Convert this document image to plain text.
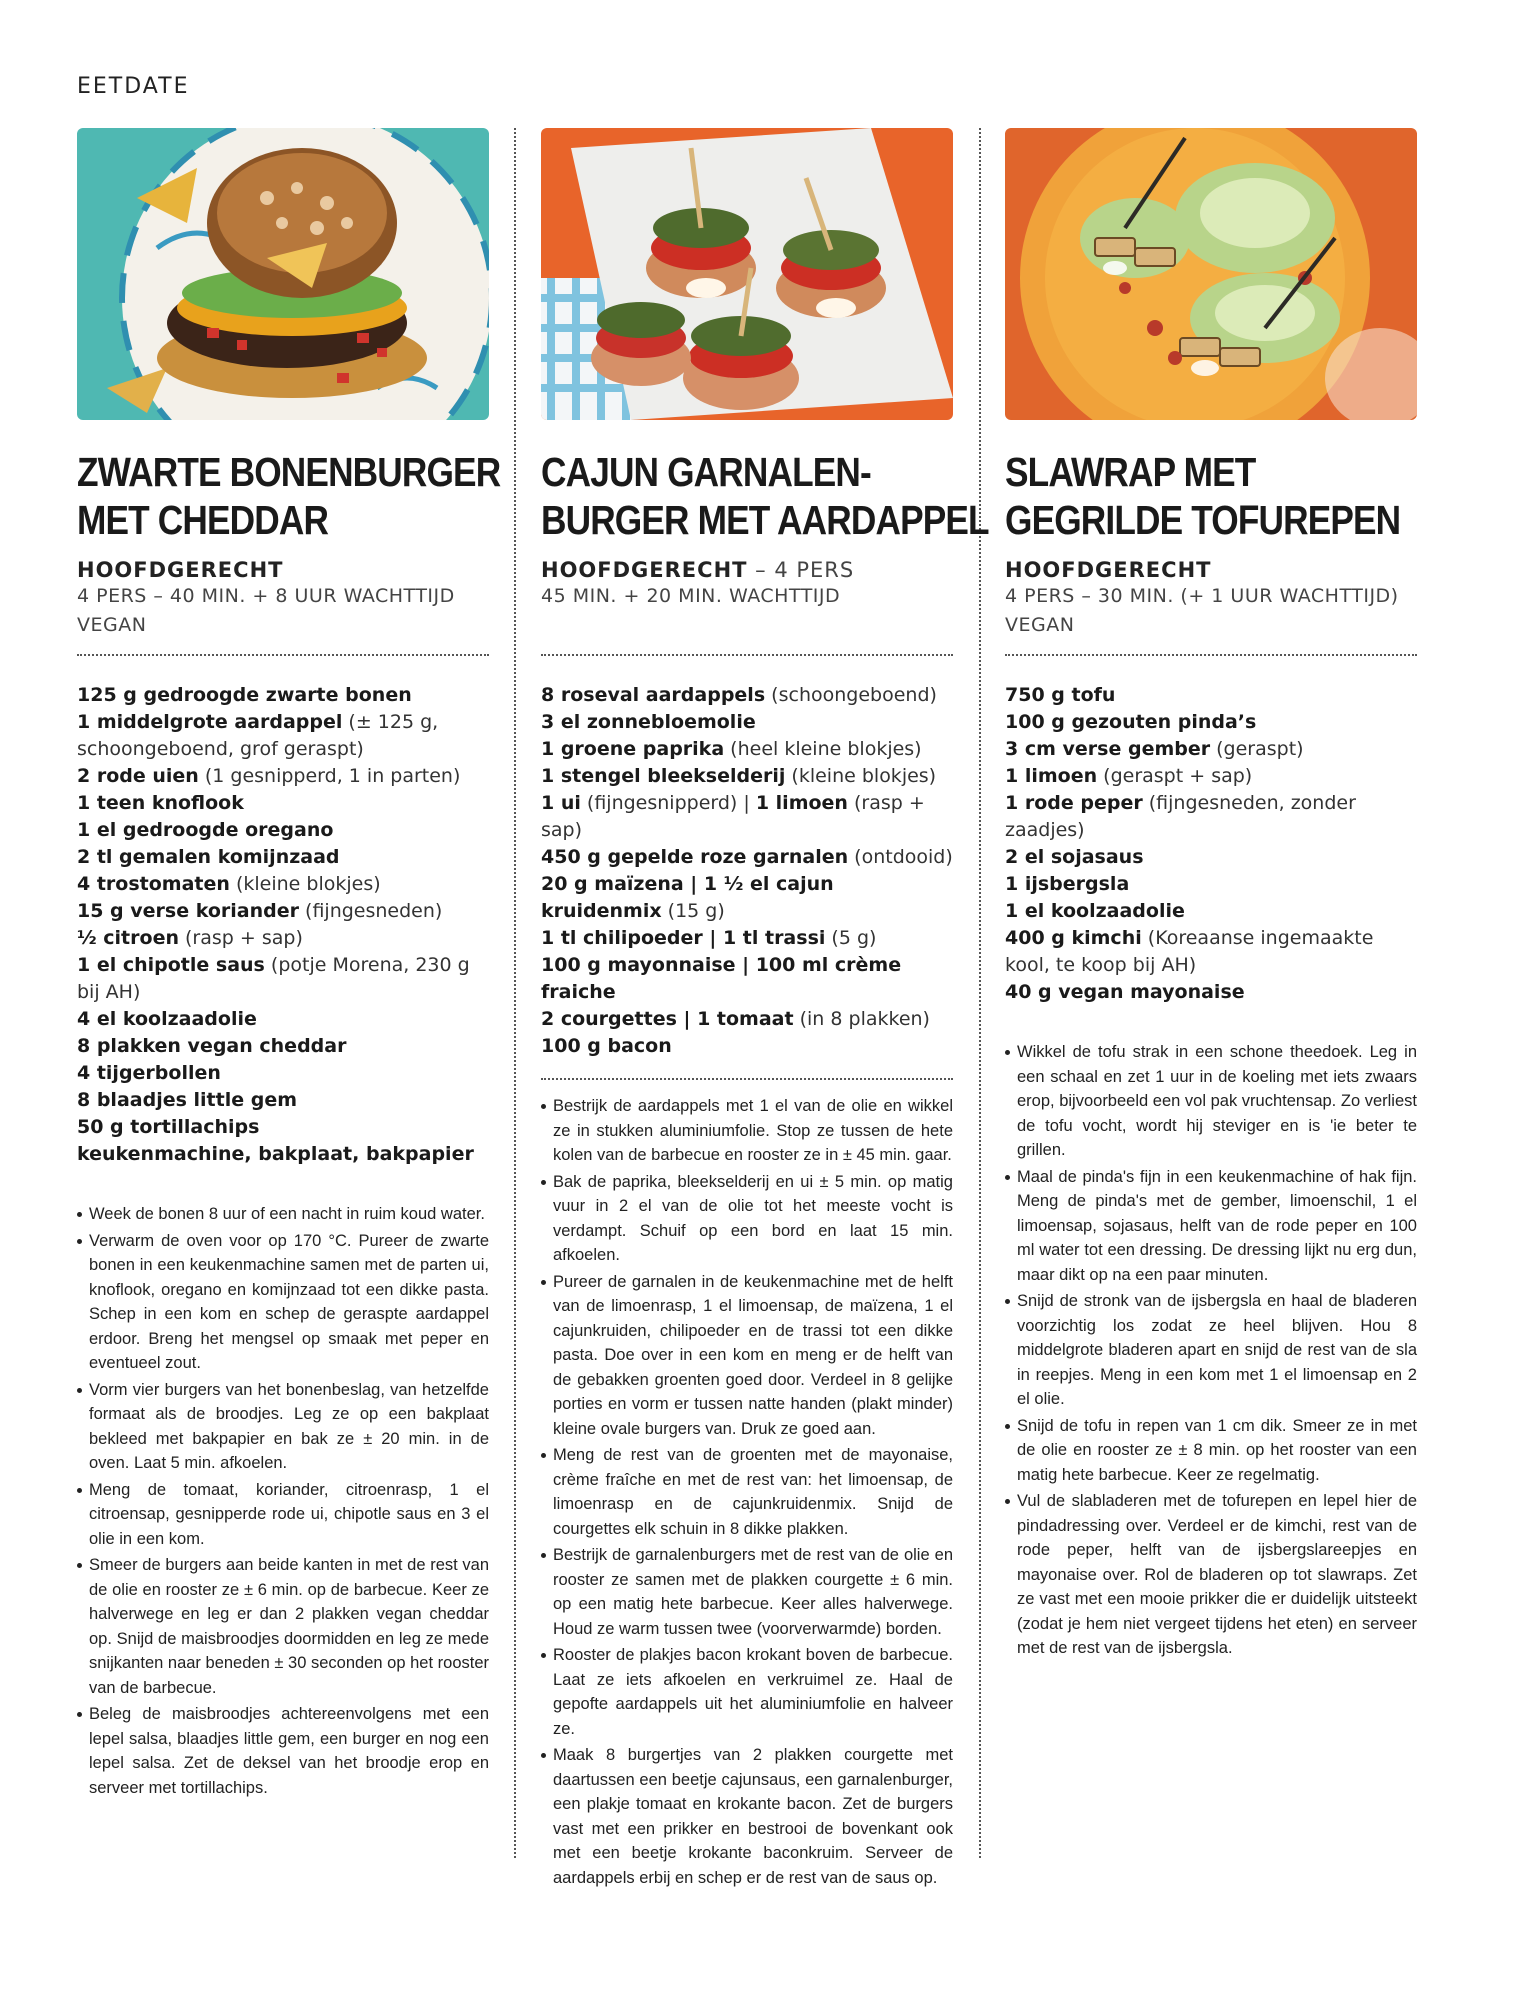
EETDATE
ZWARTE BONENBURGER
MET CHEDDAR
HOOFDGERECHT
4 PERS – 40 MIN. + 8 UUR WACHTTIJD
VEGAN
125 g gedroogde zwarte bonen
1 middelgrote aardappel (± 125 g, schoongeboend, grof geraspt)
2 rode uien (1 gesnipperd, 1 in parten)
1 teen knoflook
1 el gedroogde oregano
2 tl gemalen komijnzaad
4 trostomaten (kleine blokjes)
15 g verse koriander (fijngesneden)
½ citroen (rasp + sap)
1 el chipotle saus (potje Morena, 230 g bij AH)
4 el koolzaadolie
8 plakken vegan cheddar
4 tijgerbollen
8 blaadjes little gem
50 g tortillachips
keukenmachine, bakplaat, bakpapier
Week de bonen 8 uur of een nacht in ruim koud water.
Verwarm de oven voor op 170 °C. Pureer de zwarte bonen in een keukenmachine samen met de parten ui, knoflook, oregano en komijnzaad tot een dikke pasta. Schep in een kom en schep de geraspte aardappel erdoor. Breng het mengsel op smaak met peper en eventueel zout.
Vorm vier burgers van het bonenbeslag, van hetzelfde formaat als de broodjes. Leg ze op een bakplaat bekleed met bakpapier en bak ze ± 20 min. in de oven. Laat 5 min. afkoelen.
Meng de tomaat, koriander, citroenrasp, 1 el citroensap, gesnipperde rode ui, chipotle saus en 3 el olie in een kom.
Smeer de burgers aan beide kanten in met de rest van de olie en rooster ze ± 6 min. op de barbecue. Keer ze halverwege en leg er dan 2 plakken vegan cheddar op. Snijd de maisbroodjes doormidden en leg ze mede snijkanten naar beneden ± 30 seconden op het rooster van de barbecue.
Beleg de maisbroodjes achtereenvolgens met een lepel salsa, blaadjes little gem, een burger en nog een lepel salsa. Zet de deksel van het broodje erop en serveer met tortillachips.
CAJUN GARNALEN-
BURGER MET AARDAPPEL
HOOFDGERECHT – 4 PERS
45 MIN. + 20 MIN. WACHTTIJD
8 roseval aardappels (schoongeboend)
3 el zonnebloemolie
1 groene paprika (heel kleine blokjes)
1 stengel bleekselderij (kleine blokjes)
1 ui (fijngesnipperd) | 1 limoen (rasp + sap)
450 g gepelde roze garnalen (ontdooid)
20 g maïzena | 1 ½ el cajun kruidenmix (15 g)
1 tl chilipoeder | 1 tl trassi (5 g)
100 g mayonnaise | 100 ml crème fraiche
2 courgettes | 1 tomaat (in 8 plakken)
100 g bacon
Bestrijk de aardappels met 1 el van de olie en wikkel ze in stukken aluminiumfolie. Stop ze tussen de hete kolen van de barbecue en rooster ze in ± 45 min. gaar.
Bak de paprika, bleekselderij en ui ± 5 min. op matig vuur in 2 el van de olie tot het meeste vocht is verdampt. Schuif op een bord en laat 15 min. afkoelen.
Pureer de garnalen in de keukenmachine met de helft van de limoenrasp, 1 el limoensap, de maïzena, 1 el cajunkruiden, chilipoeder en de trassi tot een dikke pasta. Doe over in een kom en meng er de helft van de gebakken groenten goed door. Verdeel in 8 gelijke porties en vorm er tussen natte handen (plakt minder) kleine ovale burgers van. Druk ze goed aan.
Meng de rest van de groenten met de mayonaise, crème fraîche en met de rest van: het limoensap, de limoenrasp en de cajunkruidenmix. Snijd de courgettes elk schuin in 8 dikke plakken.
Bestrijk de garnalenburgers met de rest van de olie en rooster ze samen met de plakken courgette ± 6 min. op een matig hete barbecue. Keer alles halverwege. Houd ze warm tussen twee (voorverwarmde) borden.
Rooster de plakjes bacon krokant boven de barbecue. Laat ze iets afkoelen en verkruimel ze. Haal de gepofte aardappels uit het aluminiumfolie en halveer ze.
Maak 8 burgertjes van 2 plakken courgette met daartussen een beetje cajunsaus, een garnalenburger, een plakje tomaat en krokante bacon. Zet de burgers vast met een prikker en bestrooi de bovenkant ook met een beetje krokante baconkruim. Serveer de aardappels erbij en schep er de rest van de saus op.
SLAWRAP MET
GEGRILDE TOFUREPEN
HOOFDGERECHT
4 PERS – 30 MIN. (+ 1 UUR WACHTTIJD)
VEGAN
750 g tofu
100 g gezouten pinda’s
3 cm verse gember (geraspt)
1 limoen (geraspt + sap)
1 rode peper (fijngesneden, zonder zaadjes)
2 el sojasaus
1 ijsbergsla
1 el koolzaadolie
400 g kimchi (Koreaanse ingemaakte kool, te koop bij AH)
40 g vegan mayonaise
Wikkel de tofu strak in een schone theedoek. Leg in een schaal en zet 1 uur in de koeling met iets zwaars erop, bijvoorbeeld een vol pak vruchtensap. Zo verliest de tofu vocht, wordt hij steviger en is 'ie beter te grillen.
Maal de pinda's fijn in een keukenmachine of hak fijn. Meng de pinda's met de gember, limoenschil, 1 el limoensap, sojasaus, helft van de rode peper en 100 ml water tot een dressing. De dressing lijkt nu erg dun, maar dikt op na een paar minuten.
Snijd de stronk van de ijsbergsla en haal de bladeren voorzichtig los zodat ze heel blijven. Hou 8 middelgrote bladeren apart en snijd de rest van de sla in reepjes. Meng in een kom met 1 el limoensap en 2 el olie.
Snijd de tofu in repen van 1 cm dik. Smeer ze in met de olie en rooster ze ± 8 min. op het rooster van een matig hete barbecue. Keer ze regelmatig.
Vul de slabladeren met de tofurepen en lepel hier de pindadressing over. Verdeel er de kimchi, rest van de rode peper, helft van de ijsbergslareepjes en mayonaise over. Rol de bladeren op tot slawraps. Zet ze vast met een mooie prikker die er duidelijk uitsteekt (zodat je hem niet vergeet tijdens het eten) en serveer met de rest van de ijsbergsla.
